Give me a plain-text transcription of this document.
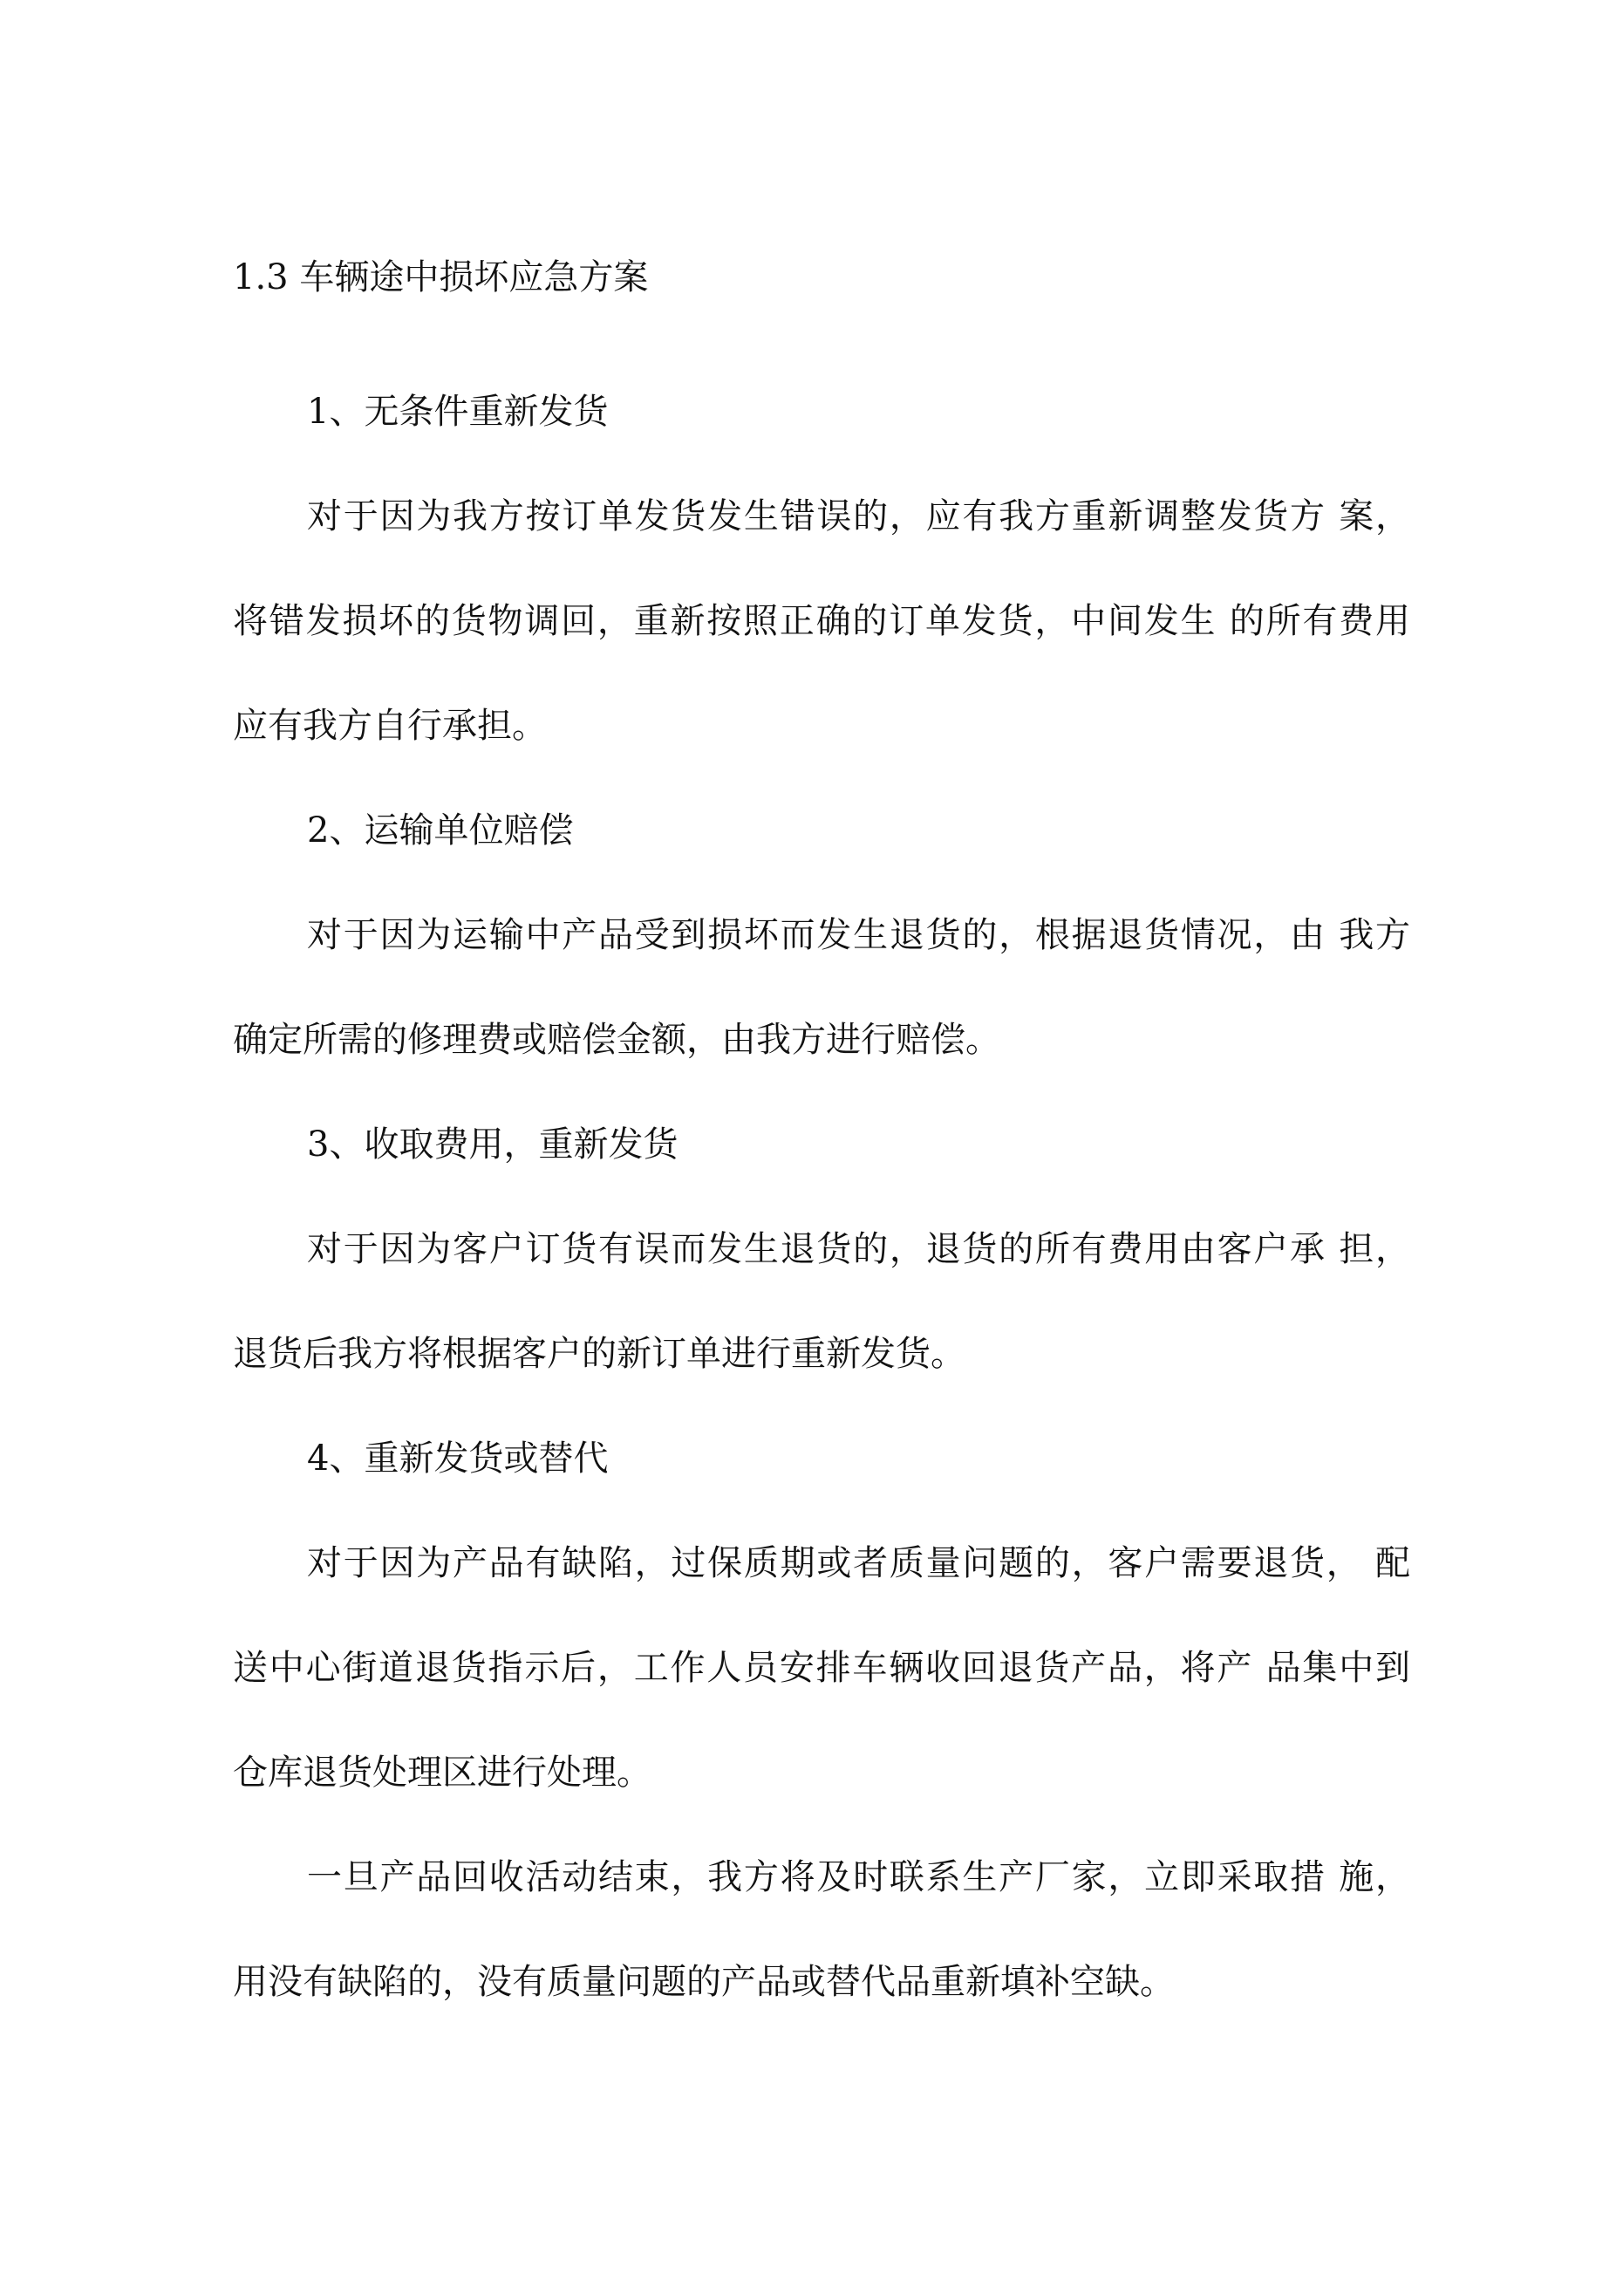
1.3 车辆途中损坏应急方案

1、无条件重新发货

对于因为我方按订单发货发生错误的，应有我方重新调整发货方 案，

将错发损坏的货物调回，重新按照正确的订单发货，中间发生 的所有费用

应有我方自行承担。

2、运输单位赔偿

对于因为运输中产品受到损坏而发生退货的，根据退货情况，由 我方

确定所需的修理费或赔偿金额，由我方进行赔偿。

3、收取费用，重新发货

对于因为客户订货有误而发生退货的，退货的所有费用由客户承 担，

退货后我方将根据客户的新订单进行重新发货。

4、重新发货或替代

对于因为产品有缺陷，过保质期或者质量问题的，客户需要退货， 配

送中心街道退货指示后，工作人员安排车辆收回退货产品，将产 品集中到

仓库退货处理区进行处理。

一旦产品回收活动结束，我方将及时联系生产厂家，立即采取措 施，

用没有缺陷的，没有质量问题的产品或替代品重新填补空缺。
